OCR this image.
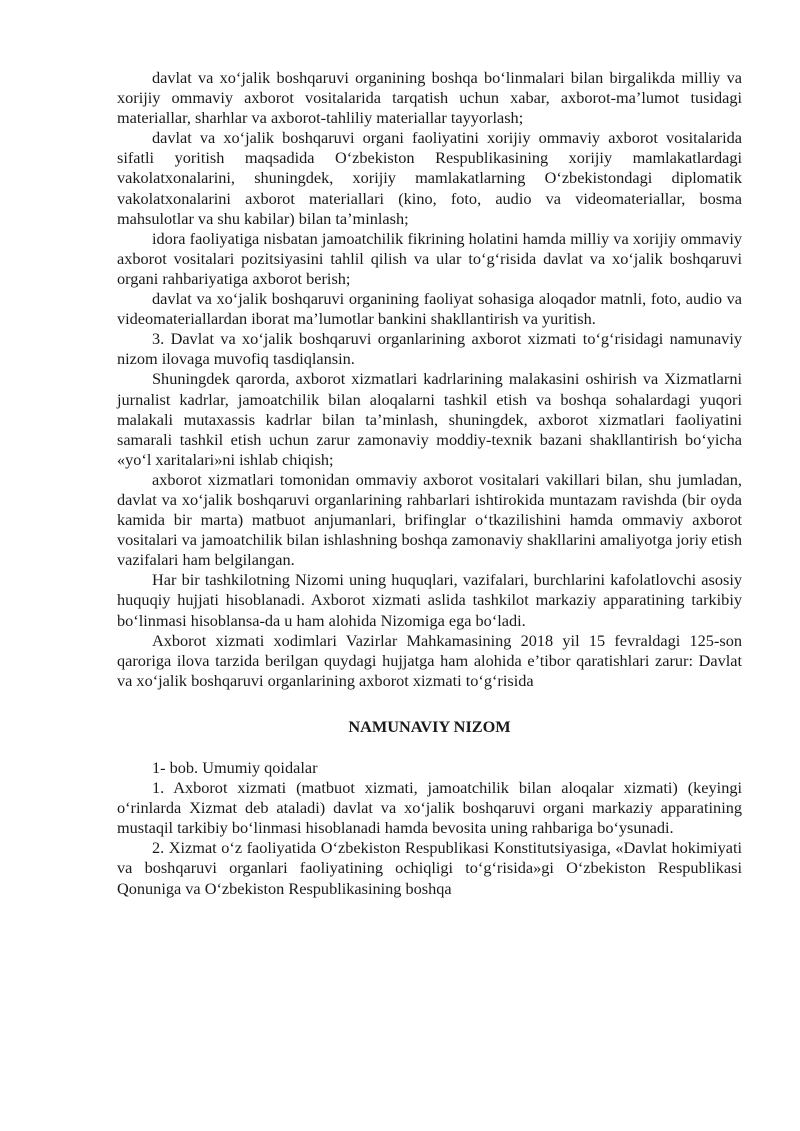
davlat va xo‘jalik boshqaruvi organining boshqa bo‘linmalari bilan birgalikda milliy va xorijiy ommaviy axborot vositalarida tarqatish uchun xabar, axborot-ma’lumot tusidagi materiallar, sharhlar va axborot-tahliliy materiallar tayyorlash;

davlat va xo‘jalik boshqaruvi organi faoliyatini xorijiy ommaviy axborot vositalarida sifatli yoritish maqsadida O‘zbekiston Respublikasining xorijiy mamlakatlardagi vakolatxonalarini, shuningdek, xorijiy mamlakatlarning O‘zbekistondagi diplomatik vakolatxonalarini axborot materiallari (kino, foto, audio va videomateriallar, bosma mahsulotlar va shu kabilar) bilan ta’minlash;

idora faoliyatiga nisbatan jamoatchilik fikrining holatini hamda milliy va xorijiy ommaviy axborot vositalari pozitsiyasini tahlil qilish va ular to‘g‘risida davlat va xo‘jalik boshqaruvi organi rahbariyatiga axborot berish;

davlat va xo‘jalik boshqaruvi organining faoliyat sohasiga aloqador matnli, foto, audio va videomateriallardan iborat ma’lumotlar bankini shakllantirish va yuritish.

3. Davlat va xo‘jalik boshqaruvi organlarining axborot xizmati to‘g‘risidagi namunaviy nizom ilovaga muvofiq tasdiqlansin.

Shuningdek qarorda, axborot xizmatlari kadrlarining malakasini oshirish va Xizmatlarni jurnalist kadrlar, jamoatchilik bilan aloqalarni tashkil etish va boshqa sohalardagi yuqori malakali mutaxassis kadrlar bilan ta’minlash, shuningdek, axborot xizmatlari faoliyatini samarali tashkil etish uchun zarur zamonaviy moddiy-texnik bazani shakllantirish bo‘yicha «yo‘l xaritalari»ni ishlab chiqish;

axborot xizmatlari tomonidan ommaviy axborot vositalari vakillari bilan, shu jumladan, davlat va xo‘jalik boshqaruvi organlarining rahbarlari ishtirokida muntazam ravishda (bir oyda kamida bir marta) matbuot anjumanlari, brifinglar o‘tkazilishini hamda ommaviy axborot vositalari va jamoatchilik bilan ishlashning boshqa zamonaviy shakllarini amaliyotga joriy etish vazifalari ham belgilangan.

Har bir tashkilotning Nizomi uning huquqlari, vazifalari, burchlarini kafolatlovchi asosiy huquqiy hujjati hisoblanadi. Axborot xizmati aslida tashkilot markaziy apparatining tarkibiy bo‘linmasi hisoblansa-da u ham alohida Nizomiga ega bo‘ladi.

Axborot xizmati xodimlari Vazirlar Mahkamasining 2018 yil 15 fevraldagi 125-son qaroriga ilova tarzida berilgan quydagi hujjatga ham alohida e’tibor qaratishlari zarur: Davlat va xo‘jalik boshqaruvi organlarining axborot xizmati to‘g‘risida

NAMUNAVIY NIZOM

1- bob. Umumiy qoidalar

1. Axborot xizmati (matbuot xizmati, jamoatchilik bilan aloqalar xizmati) (keyingi o‘rinlarda Xizmat deb ataladi) davlat va xo‘jalik boshqaruvi organi markaziy apparatining mustaqil tarkibiy bo‘linmasi hisoblanadi hamda bevosita uning rahbariga bo‘ysunadi.

2. Xizmat o‘z faoliyatida O‘zbekiston Respublikasi Konstitutsiyasiga, «Davlat hokimiyati va boshqaruvi organlari faoliyatining ochiqligi to‘g‘risida»gi O‘zbekiston Respublikasi Qonuniga va O‘zbekiston Respublikasining boshqa
